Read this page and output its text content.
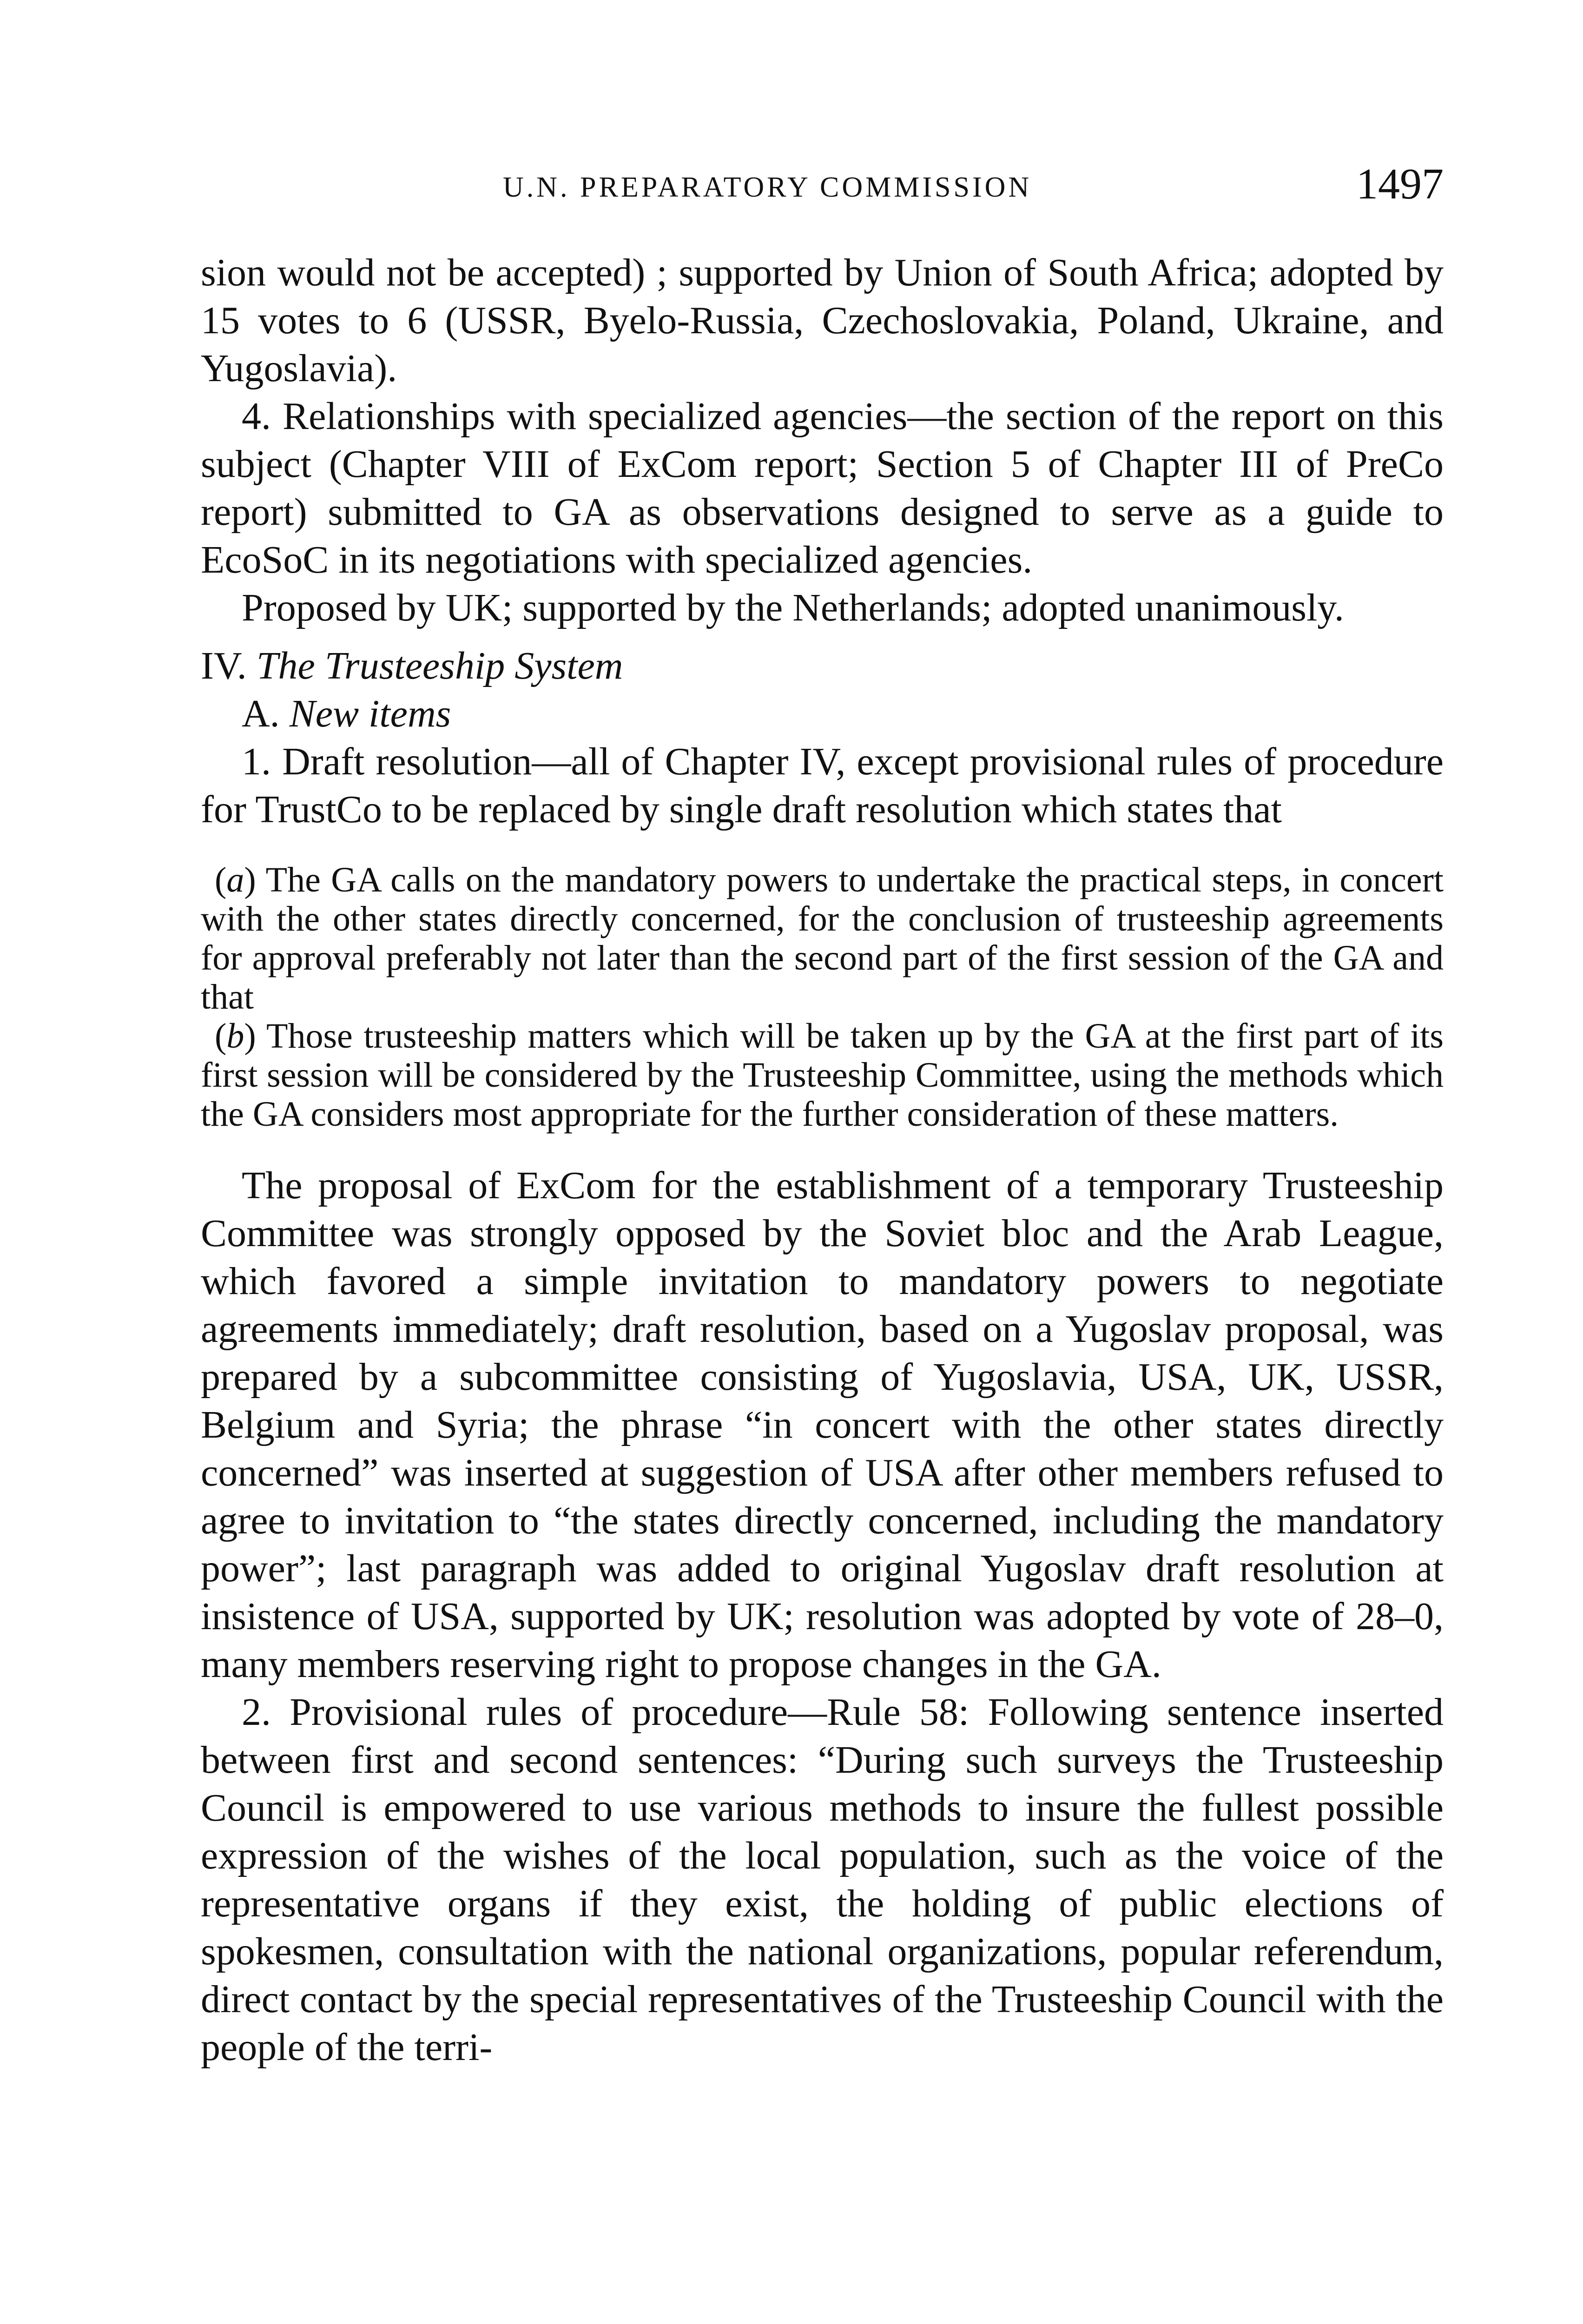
U.N. PREPARATORY COMMISSION	1497

sion would not be accepted) ; supported by Union of South Africa; adopted by 15 votes to 6 (USSR, Byelo-Russia, Czechoslovakia, Poland, Ukraine, and Yugoslavia).

4. Relationships with specialized agencies—the section of the report on this subject (Chapter VIII of ExCom report; Section 5 of Chapter III of PreCo report) submitted to GA as observations designed to serve as a guide to EcoSoC in its negotiations with specialized agencies.

Proposed by UK; supported by the Netherlands; adopted unanimously.

IV. The Trusteeship System

A. New items

1. Draft resolution—all of Chapter IV, except provisional rules of procedure for TrustCo to be replaced by single draft resolution which states that

(a) The GA calls on the mandatory powers to undertake the practical steps, in concert with the other states directly concerned, for the conclusion of trusteeship agreements for approval preferably not later than the second part of the first session of the GA and that

(b) Those trusteeship matters which will be taken up by the GA at the first part of its first session will be considered by the Trusteeship Committee, using the methods which the GA considers most appropriate for the further consideration of these matters.

The proposal of ExCom for the establishment of a temporary Trusteeship Committee was strongly opposed by the Soviet bloc and the Arab League, which favored a simple invitation to mandatory powers to negotiate agreements immediately; draft resolution, based on a Yugoslav proposal, was prepared by a subcommittee consisting of Yugoslavia, USA, UK, USSR, Belgium and Syria; the phrase “in concert with the other states directly concerned” was inserted at suggestion of USA after other members refused to agree to invitation to “the states directly concerned, including the mandatory power”; last paragraph was added to original Yugoslav draft resolution at insistence of USA, supported by UK; resolution was adopted by vote of 28–0, many members reserving right to propose changes in the GA.

2. Provisional rules of procedure—Rule 58: Following sentence inserted between first and second sentences: “During such surveys the Trusteeship Council is empowered to use various methods to insure the fullest possible expression of the wishes of the local population, such as the voice of the representative organs if they exist, the holding of public elections of spokesmen, consultation with the national organizations, popular referendum, direct contact by the special representatives of the Trusteeship Council with the people of the terri-
